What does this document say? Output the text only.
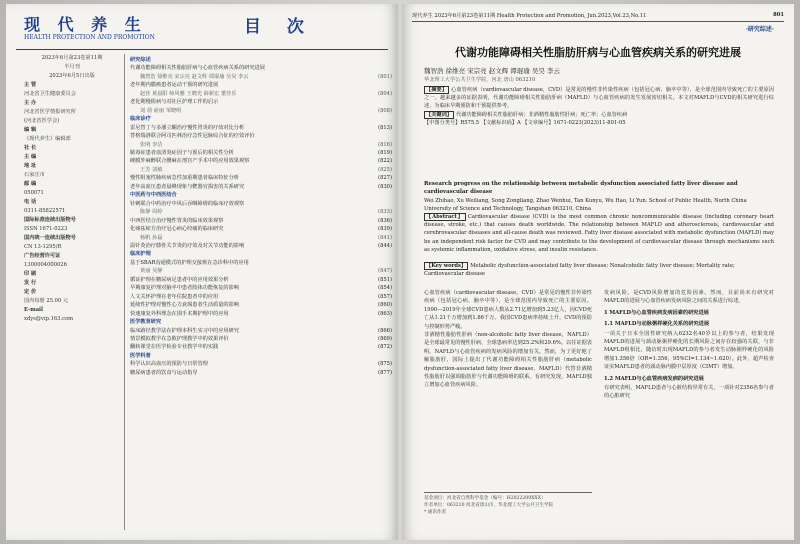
现 代 养 生
HEALTH PROTECTION AND PROMOTION
目 次
2023年6月第23卷第11期
半月刊
2023年6月5日出版
主 管
河北省卫生健康委员会
主 办
河北省医学情报研究所
(河北省医学会)
编 辑
《现代养生》编辑部
社 长
主 编
地 址
石家庄市
邮 编
050071
电 话
0311-85822571
国际标准连续出版物号
ISSN 1671-0223
国内统一连续出版物号
CN 13-1295/R
广告经营许可证
1300004000026
印 刷
发 行
定 价
国内每册 25.00 元
E-mail
xdys@vip.163.com
研究综述
代谢功能障碍相关性脂肪肝病与心血管疾病关系的研究进展
魏智浩 徐维亮 宋宗亮 赵文辉 谭琨瑜 吴昊 李云	(801)
老年期内膜癌患者运动干预的研究进展
赵佳 黄晨阳 师风雅 王晓光 薛新宏 董佳乐	(804)
老化期慢阻病与对社区护理工作的启示
刘 倩 俞丽 邹晓明	(808)
临床诊疗
雷尼替丁与多潘立酮治疗慢性胃炎的疗效对比分析	(813)
替格瑞洛联合阿司匹林治疗急性冠脉综合征的疗效评价
张明 李洁	(816)
脓毒症患者血清炎症因子与预后的相关性分析	(819)
硬膜外麻醉联合腰麻在剖宫产手术中的应用效果观察	(822)
王芳 刘敏	(825)
慢性阻塞性肺疾病急性加重期患者临床特征分析	(827)
老年高血压患者晨峰现象与靶器官损害的关系研究	(830)
中医药与中西医结合
针刺联合中药治疗中风后吞咽障碍的临床疗效观察
陈静 周婷	(833)
中西医结合治疗慢性胃炎的临床效果观察	(836)
化痰祛瘀方治疗冠心病心绞痛的临床研究	(839)
杨帆 孙磊	(841)
温针灸治疗膝骨关节炎的疗效及对关节功能的影响	(844)
临床护理
基于SBAR沟通模式的护理交接班在急诊科中的应用
黄丽 吴静	(847)
循证护理在糖尿病足患者中的应用效果分析	(851)
早期康复护理对脑卒中患者肢体功能恢复的影响	(854)
人文关怀护理在老年住院患者中的应用	(857)
延续性护理对慢性心力衰竭患者生活质量的影响	(860)
快速康复外科理念在围手术期护理中的应用	(863)
医学教育研究
临床路径教学法在护理本科生实习中的应用研究	(866)
情景模拟教学在急救护理教学中的效果评价	(869)
翻转课堂在医学检验专业教学中的实践	(872)
医学科普
科学认识高血压的预防与日常管理	(875)
糖尿病患者的饮食与运动指导	(877)
现代养生 2023年6月第23卷第11期 Health Protection and Promotion, Jun.2023,Vol.23,No.11	801
·研究综述·
代谢功能障碍相关性脂肪肝病与心血管疾病关系的研究进展
魏智浩 徐维亮 宋宗亮 赵文辉 谭琨瑜 吴昊 李云
华北理工大学公共卫生学院，河北 唐山 063210
【摘要】 心血管疾病（cardiovascular disease，CVD）是常见的慢性非传染性疾病（包括冠心病、脑卒中等），是全球范围内导致死亡的主要原因之一。越来越多的证据表明，代谢功能障碍相关性脂肪肝病（MAFLD）与心血管疾病的发生发展密切相关。本文对MAFLD与CVD的相关研究进行综述，为临床早期预防和干预提供参考。
【关键词】 代谢功能障碍相关性脂肪肝病；非酒精性脂肪性肝病；死亡率；心血管疾病
【中图分类号】R575.5 【文献标识码】A 【文章编号】1671-0223(2023)11-801-05
Research progress on the relationship between metabolic dysfunction associated fatty liver disease and cardiovascular disease
Wei Zhihao, Xu Weiliang, Song Zongliang, Zhao Wenhui, Tan Kunyu, Wu Hao, Li Yun. School of Public Health, North China University of Science and Technology, Tangshan 063210, China
【Abstract】 Cardiovascular disease (CVD) is the most common chronic noncommunicable disease (including coronary heart disease, stroke, etc.) that causes death worldwide. The relationship between MAFLD and atherosclerosis, cardiovascular and cerebrovascular diseases and all-cause death was reviewed. Fatty liver disease associated with metabolic dysfunction (MAFLD) may be an independent risk factor for CVD and may contribute to the development of cardiovascular disease through mechanisms such as systemic inflammation, oxidative stress, and insulin resistance.
【Key words】 Metabolic dysfunction-associated fatty liver disease; Nonalcoholic fatty liver disease; Mortality rate; Cardiovascular disease

心血管疾病（cardiovascular disease，CVD）是常见的慢性非传染性疾病（包括冠心病、脑卒中等），是全球范围内导致死亡的主要原因。1990—2019年全球CVD患病人数从2.71亿增加到5.23亿人，因CVD死亡从1.21千万增加到1.86千万。我国CVD患病率持续上升，CVD的预防与控制形势严峻。

非酒精性脂肪性肝病（non-alcoholic fatty liver disease，NAFLD）是全球最常见的慢性肝病，全球患病率达到25.2%和29.6%。以往证据表明，NAFLD与心血管疾病的发病风险的增加有关。然而，为了更好地了解脂肪肝，国际上提出了代谢功能障碍相关性脂肪肝病（metabolic dysfunction-associated fatty liver disease，MAFLD）代替非酒精性脂肪肝以强调脂肪肝与代谢功能障碍的联系。有研究发现，MAFLD独立增加心血管疾病风险。

基金项目：河北省自然科学基金（编号：H2022209XXX）
作者单位：063210 河北省唐山市，华北理工大学公共卫生学院
* 通讯作者

发病风险，是CVD风险增加的危险因素。然而，目前尚未有研究对MAFLD的进展与心血管疾病发病风险之间的关系进行综述。

1 MAFLD与心血管疾病发病因素的研究进展

1.1 MAFLD与动脉粥样硬化关系的研究进展

一项关于日本全国性研究纳入6232名40岁以上的参与者，结果发现MAFLD的进展与颈动脉粥样硬化的长期风险之间存在较强的关联，与非MAFLD组相比，随访时出现MAFLD的参与者发生动脉粥样硬化的风险增加1.356倍（OR=1.356，95%CI=1.134~1.620）。此外，超声检查证实MAFLD患者的颈动脉内膜中层厚度（CIMT）增加。

1.2 MAFLD与心血管疾病发病的研究进展

有研究表明，MAFLD患者与心脏结构异常有关，一项针对2356名参与者的心脏研究
